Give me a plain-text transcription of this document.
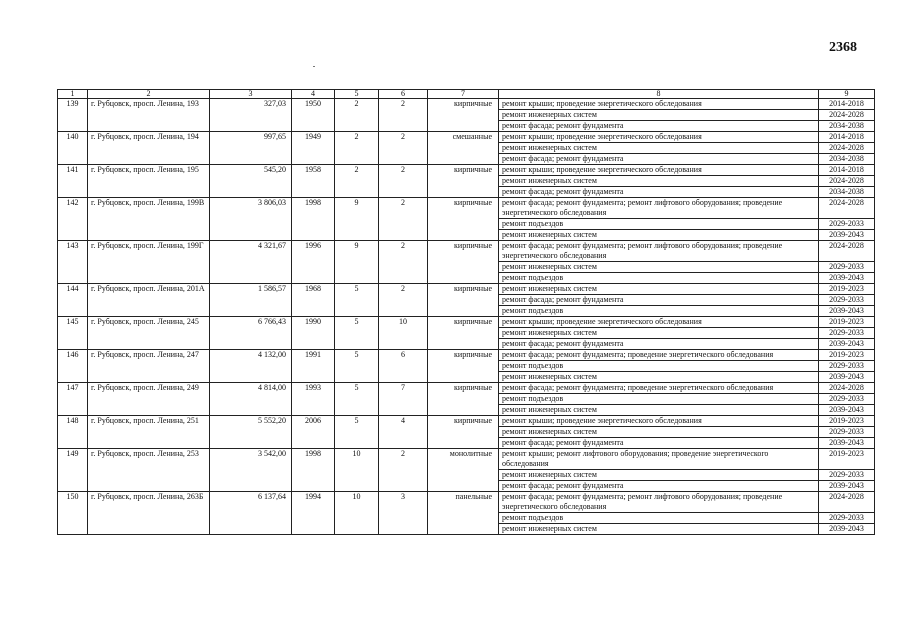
2368
1	2	3	4	5	6	7	8	9
139	г. Рубцовск, просп. Ленина, 193	327,03	1950	2	2	кирпичные	ремонт крыши; проведение энергетического обследования	2014-2018
							ремонт инженерных систем	2024-2028
							ремонт фасада; ремонт фундамента	2034-2038
140	г. Рубцовск, просп. Ленина, 194	997,65	1949	2	2	смешанные	ремонт крыши; проведение энергетического обследования	2014-2018
							ремонт инженерных систем	2024-2028
							ремонт фасада; ремонт фундамента	2034-2038
141	г. Рубцовск, просп. Ленина, 195	545,20	1958	2	2	кирпичные	ремонт крыши; проведение энергетического обследования	2014-2018
							ремонт инженерных систем	2024-2028
							ремонт фасада; ремонт фундамента	2034-2038
142	г. Рубцовск, просп. Ленина, 199В	3 806,03	1998	9	2	кирпичные	ремонт фасада; ремонт фундамента; ремонт лифтового оборудования; проведение энергетического обследования	2024-2028
							ремонт подъездов	2029-2033
							ремонт инженерных систем	2039-2043
143	г. Рубцовск, просп. Ленина, 199Г	4 321,67	1996	9	2	кирпичные	ремонт фасада; ремонт фундамента; ремонт лифтового оборудования; проведение энергетического обследования	2024-2028
							ремонт инженерных систем	2029-2033
							ремонт подъездов	2039-2043
144	г. Рубцовск, просп. Ленина, 201А	1 586,57	1968	5	2	кирпичные	ремонт инженерных систем	2019-2023
							ремонт фасада; ремонт фундамента	2029-2033
							ремонт подъездов	2039-2043
145	г. Рубцовск, просп. Ленина, 245	6 766,43	1990	5	10	кирпичные	ремонт крыши; проведение энергетического обследования	2019-2023
							ремонт инженерных систем	2029-2033
							ремонт фасада; ремонт фундамента	2039-2043
146	г. Рубцовск, просп. Ленина, 247	4 132,00	1991	5	6	кирпичные	ремонт фасада; ремонт фундамента; проведение энергетического обследования	2019-2023
							ремонт подъездов	2029-2033
							ремонт инженерных систем	2039-2043
147	г. Рубцовск, просп. Ленина, 249	4 814,00	1993	5	7	кирпичные	ремонт фасада; ремонт фундамента; проведение энергетического обследования	2024-2028
							ремонт подъездов	2029-2033
							ремонт инженерных систем	2039-2043
148	г. Рубцовск, просп. Ленина, 251	5 552,20	2006	5	4	кирпичные	ремонт крыши; проведение энергетического обследования	2019-2023
							ремонт инженерных систем	2029-2033
							ремонт фасада; ремонт фундамента	2039-2043
149	г. Рубцовск, просп. Ленина, 253	3 542,00	1998	10	2	монолитные	ремонт крыши; ремонт лифтового оборудования; проведение энергетического обследования	2019-2023
							ремонт инженерных систем	2029-2033
							ремонт фасада; ремонт фундамента	2039-2043
150	г. Рубцовск, просп. Ленина, 263Б	6 137,64	1994	10	3	панельные	ремонт фасада; ремонт фундамента; ремонт лифтового оборудования; проведение энергетического обследования	2024-2028
							ремонт подъездов	2029-2033
							ремонт инженерных систем	2039-2043
